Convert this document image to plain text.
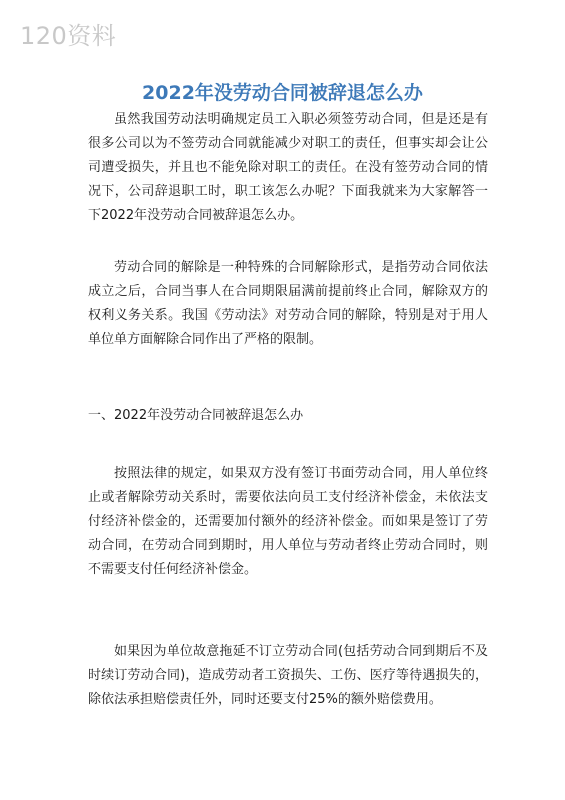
120资料
2022年没劳动合同被辞退怎么办

虽然我国劳动法明确规定员工入职必须签劳动合同，但是还是有很多公司以为不签劳动合同就能减少对职工的责任，但事实却会让公司遭受损失，并且也不能免除对职工的责任。在没有签劳动合同的情况下，公司辞退职工时，职工该怎么办呢？下面我就来为大家解答一下2022年没劳动合同被辞退怎么办。

劳动合同的解除是一种特殊的合同解除形式，是指劳动合同依法成立之后，合同当事人在合同期限届满前提前终止合同，解除双方的权利义务关系。我国《劳动法》对劳动合同的解除，特别是对于用人单位单方面解除合同作出了严格的限制。

一、2022年没劳动合同被辞退怎么办

按照法律的规定，如果双方没有签订书面劳动合同，用人单位终止或者解除劳动关系时，需要依法向员工支付经济补偿金，未依法支付经济补偿金的，还需要加付额外的经济补偿金。而如果是签订了劳动合同，在劳动合同到期时，用人单位与劳动者终止劳动合同时，则不需要支付任何经济补偿金。

如果因为单位故意拖延不订立劳动合同(包括劳动合同到期后不及时续订劳动合同)，造成劳动者工资损失、工伤、医疗等待遇损失的，除依法承担赔偿责任外，同时还要支付25%的额外赔偿费用。
